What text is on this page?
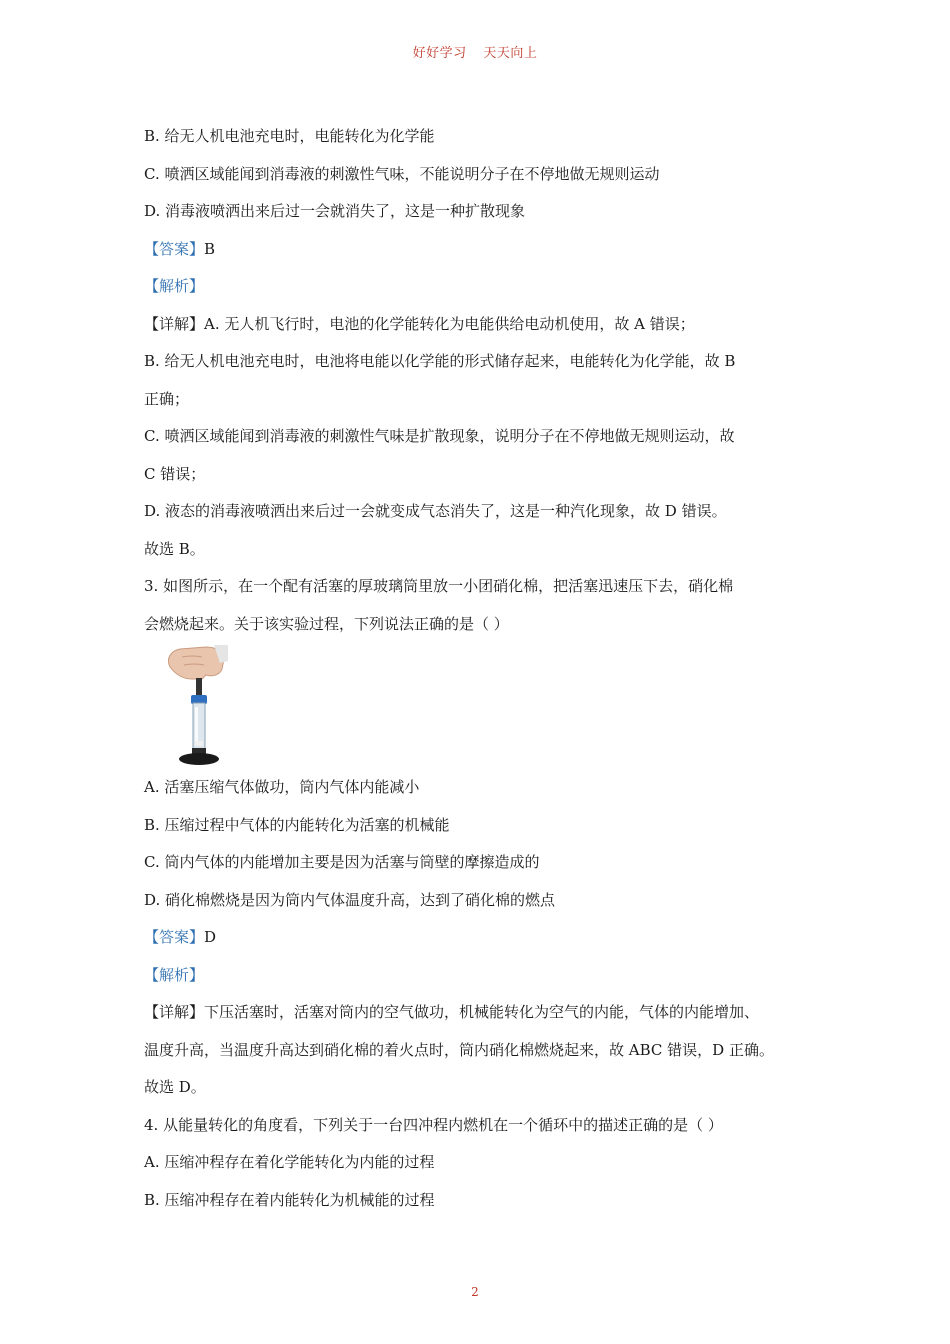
好好学习 天天向上
B. 给无人机电池充电时，电能转化为化学能
C. 喷洒区域能闻到消毒液的刺激性气味，不能说明分子在不停地做无规则运动
D. 消毒液喷洒出来后过一会就消失了，这是一种扩散现象
【答案】B
【解析】
【详解】A. 无人机飞行时，电池的化学能转化为电能供给电动机使用，故 A 错误；
B. 给无人机电池充电时，电池将电能以化学能的形式储存起来，电能转化为化学能，故 B
正确；
C. 喷洒区域能闻到消毒液的刺激性气味是扩散现象，说明分子在不停地做无规则运动，故
C 错误；
D. 液态的消毒液喷洒出来后过一会就变成气态消失了，这是一种汽化现象，故 D 错误。
故选 B。
3. 如图所示，在一个配有活塞的厚玻璃筒里放一小团硝化棉，把活塞迅速压下去，硝化棉
会燃烧起来。关于该实验过程，下列说法正确的是（ ）
A. 活塞压缩气体做功，筒内气体内能减小
B. 压缩过程中气体的内能转化为活塞的机械能
C. 筒内气体的内能增加主要是因为活塞与筒壁的摩擦造成的
D. 硝化棉燃烧是因为筒内气体温度升高，达到了硝化棉的燃点
【答案】D
【解析】
【详解】下压活塞时，活塞对筒内的空气做功，机械能转化为空气的内能，气体的内能增加、
温度升高，当温度升高达到硝化棉的着火点时，筒内硝化棉燃烧起来，故 ABC 错误，D 正确。
故选 D。
4. 从能量转化的角度看，下列关于一台四冲程内燃机在一个循环中的描述正确的是（ ）
A. 压缩冲程存在着化学能转化为内能的过程
B. 压缩冲程存在着内能转化为机械能的过程
2
